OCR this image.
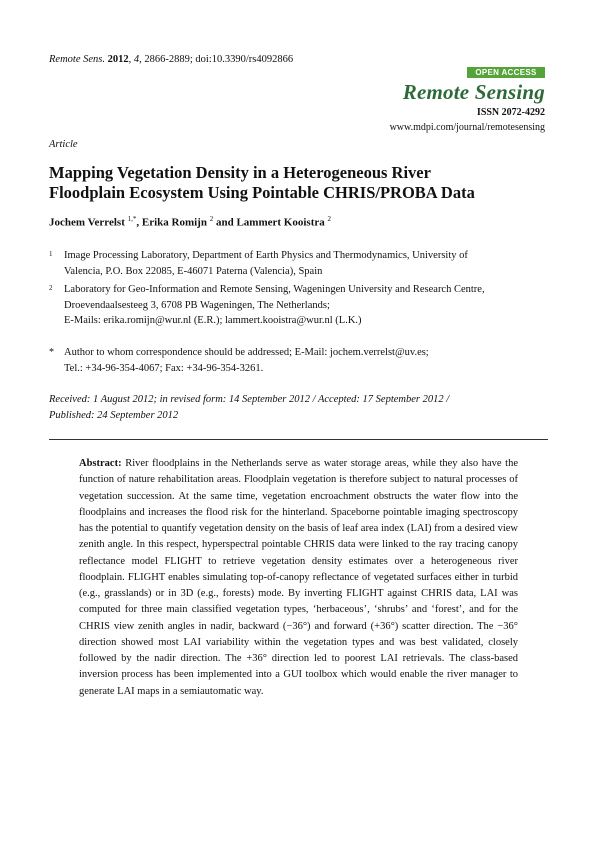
Remote Sens. 2012, 4, 2866-2889; doi:10.3390/rs4092866
OPEN ACCESS
Remote Sensing
ISSN 2072-4292
www.mdpi.com/journal/remotesensing
Article
Mapping Vegetation Density in a Heterogeneous River
Floodplain Ecosystem Using Pointable CHRIS/PROBA Data
Jochem Verrelst $^{1,*}$, Erika Romijn $^2$ and Lammert Kooistra $^2$
1 Image Processing Laboratory, Department of Earth Physics and Thermodynamics, University of
Valencia, P.O. Box 22085, E-46071 Paterna (Valencia), Spain
2 Laboratory for Geo-Information and Remote Sensing, Wageningen University and Research Centre,
Droevendaalsesteeg 3, 6708 PB Wageningen, The Netherlands;
E-Mails: erika.romijn@wur.nl (E.R.); lammert.kooistra@wur.nl (L.K.)
* Author to whom correspondence should be addressed; E-Mail: jochem.verrelst@uv.es;
Tel.: +34-96-354-4067; Fax: +34-96-354-3261.
Received: 1 August 2012; in revised form: 14 September 2012 / Accepted: 17 September 2012 /
Published: 24 September 2012
Abstract: River floodplains in the Netherlands serve as water storage areas, while they also have the function of nature rehabilitation areas. Floodplain vegetation is therefore subject to natural processes of vegetation succession. At the same time, vegetation encroachment obstructs the water flow into the floodplains and increases the flood risk for the hinterland. Spaceborne pointable imaging spectroscopy has the potential to quantify vegetation density on the basis of leaf area index (LAI) from a desired view zenith angle. In this respect, hyperspectral pointable CHRIS data were linked to the ray tracing canopy reflectance model FLIGHT to retrieve vegetation density estimates over a heterogeneous river floodplain. FLIGHT enables simulating top-of-canopy reflectance of vegetated surfaces either in turbid (e.g., grasslands) or in 3D (e.g., forests) mode. By inverting FLIGHT against CHRIS data, LAI was computed for three main classified vegetation types, ‘herbaceous’, ‘shrubs’ and ‘forest’, and for the CHRIS view zenith angles in nadir, backward (−36°) and forward (+36°) scatter direction. The −36° direction showed most LAI variability within the vegetation types and was best validated, closely followed by the nadir direction. The +36° direction led to poorest LAI retrievals. The class-based inversion process has been implemented into a GUI toolbox which would enable the river manager to generate LAI maps in a semiautomatic way.
